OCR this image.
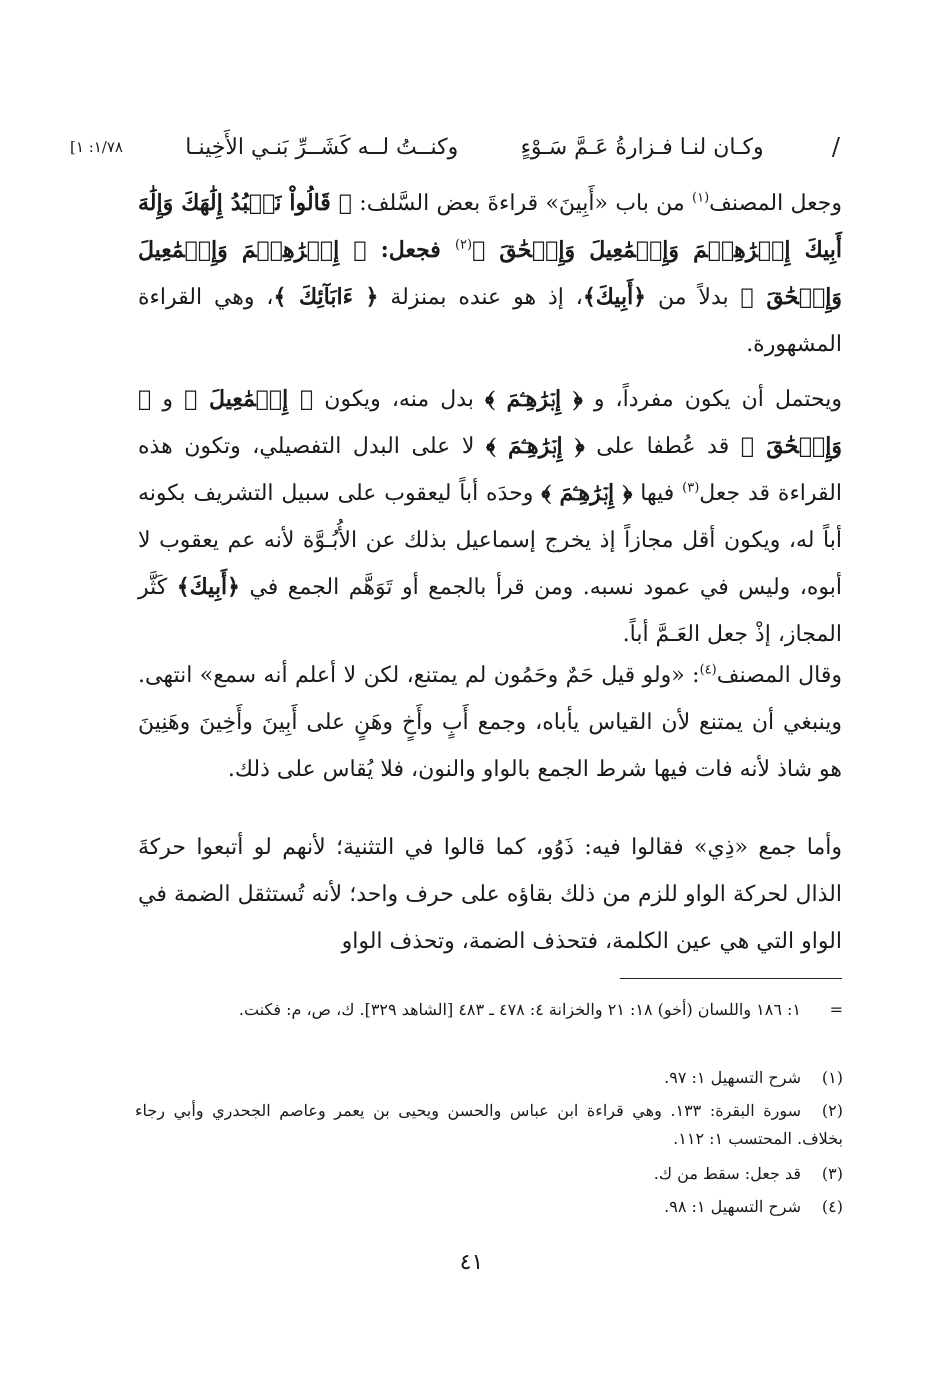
/
وكـان لنـا فـزارةُ عَـمَّ سَـوْءٍ
وكنــتُ لــه كَشَــرِّ بَنـي الأَخِينـا
[١/٧٨: ١
وجعل المصنف$^{(١)}$ من باب «أَبِينَ» قراءةَ بعض السَّلف: ﴿ قَالُواْ نَعۡبُدُ إِلَٰهَكَ وَإِلَٰهَ أَبِيكَ إِبۡرَٰهِـۧمَ وَإِسۡمَٰعِيلَ وَإِسۡحَٰقَ ﴾$^{(٢)}$ فجعل: ﴿ إِبۡرَٰهِـۧمَ وَإِسۡمَٰعِيلَ وَإِسۡحَٰقَ ﴾ بدلاً من ﴿أَبِيكَ﴾، إذ هو عنده بمنزلة ﴿ ءَابَآئِكَ ﴾، وهي القراءة المشهورة.
ويحتمل أن يكون مفرداً، و ﴿ إِبۡرَٰهِـۧمَ ﴾ بدل منه، ويكون ﴿ إِسۡمَٰعِيلَ ﴾ و ﴿ وَإِسۡحَٰقَ ﴾ قد عُطفا على ﴿ إِبۡرَٰهِـۧمَ ﴾ لا على البدل التفصيلي، وتكون هذه القراءة قد جعل$^{(٣)}$ فيها ﴿ إِبۡرَٰهِـۧمَ ﴾ وحدَه أباً ليعقوب على سبيل التشريف بكونه أباً له، ويكون أقل مجازاً إذ يخرج إسماعيل بذلك عن الأُبُـوَّة لأنه عم يعقوب لا أبوه، وليس في عمود نسبه. ومن قرأ بالجمع أو تَوَهَّم الجمع في ﴿أَبِيكَ﴾ كَثَّر المجاز، إذْ جعل العَـمَّ أباً.
وقال المصنف$^{(٤)}$: «ولو قيل حَمٌ وحَمُون لم يمتنع، لكن لا أعلم أنه سمع» انتهى. وينبغي أن يمتنع لأن القياس يأباه، وجمع أَبٍ وأَخٍ وهَنٍ على أَبِينَ وأَخِينَ وهَنِينَ هو شاذ لأنه فات فيها شرط الجمع بالواو والنون، فلا يُقاس على ذلك.
وأما جمع «ذِي» فقالوا فيه: ذَوُو، كما قالوا في التثنية؛ لأنهم لو أتبعوا حركةَ الذال لحركة الواو للزم من ذلك بقاؤه على حرف واحد؛ لأنه تُستثقل الضمة في الواو التي هي عين الكلمة، فتحذف الضمة، وتحذف الواو
=١: ١٨٦ واللسان (أخو) ١٨: ٢١ والخزانة ٤: ٤٧٨ ـ ٤٨٣ [الشاهد ٣٢٩]. ك، ص، م: فكنت.
(١)شرح التسهيل ١: ٩٧.
(٢)سورة البقرة: ١٣٣. وهي قراءة ابن عباس والحسن ويحيى بن يعمر وعاصم الجحدري وأبي رجاء بخلاف. المحتسب ١: ١١٢.
(٣)قد جعل: سقط من ك.
(٤)شرح التسهيل ١: ٩٨.
٤١
